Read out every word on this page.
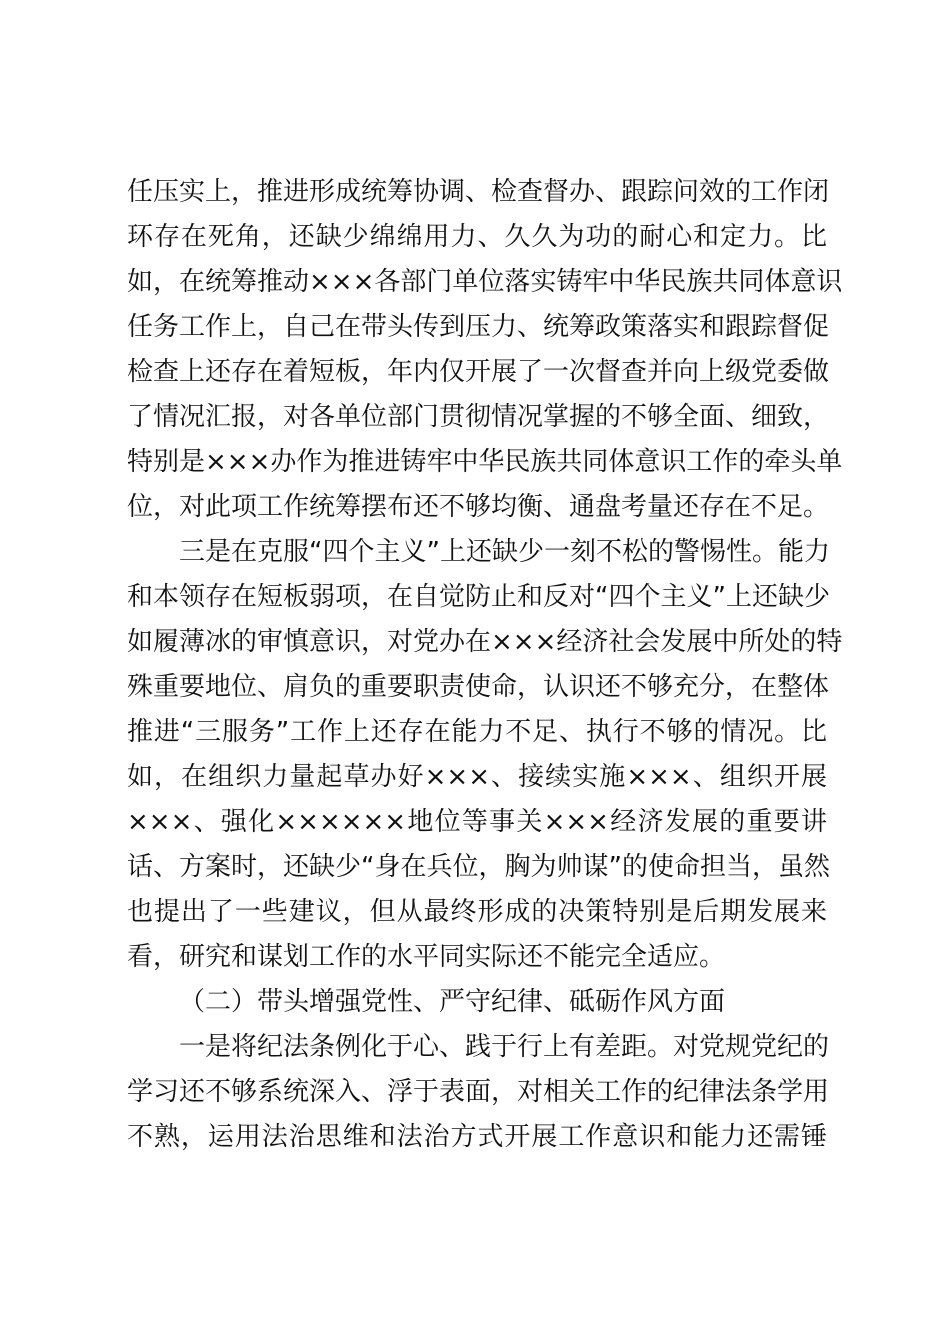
任压实上，推进形成统筹协调、检查督办、跟踪问效的工作闭
环存在死角，还缺少绵绵用力、久久为功的耐心和定力。比
如，在统筹推动×××各部门单位落实铸牢中华民族共同体意识
任务工作上，自己在带头传到压力、统筹政策落实和跟踪督促
检查上还存在着短板，年内仅开展了一次督查并向上级党委做
了情况汇报，对各单位部门贯彻情况掌握的不够全面、细致，
特别是×××办作为推进铸牢中华民族共同体意识工作的牵头单
位，对此项工作统筹摆布还不够均衡、通盘考量还存在不足。
三是在克服“四个主义”上还缺少一刻不松的警惕性。能力
和本领存在短板弱项，在自觉防止和反对“四个主义”上还缺少
如履薄冰的审慎意识，对党办在×××经济社会发展中所处的特
殊重要地位、肩负的重要职责使命，认识还不够充分，在整体
推进“三服务”工作上还存在能力不足、执行不够的情况。比
如，在组织力量起草办好×××、接续实施×××、组织开展
×××、强化××××××地位等事关×××经济发展的重要讲
话、方案时，还缺少“身在兵位，胸为帅谋”的使命担当，虽然
也提出了一些建议，但从最终形成的决策特别是后期发展来
看，研究和谋划工作的水平同实际还不能完全适应。
（二）带头增强党性、严守纪律、砥砺作风方面
一是将纪法条例化于心、践于行上有差距。对党规党纪的
学习还不够系统深入、浮于表面，对相关工作的纪律法条学用
不熟，运用法治思维和法治方式开展工作意识和能力还需锤
